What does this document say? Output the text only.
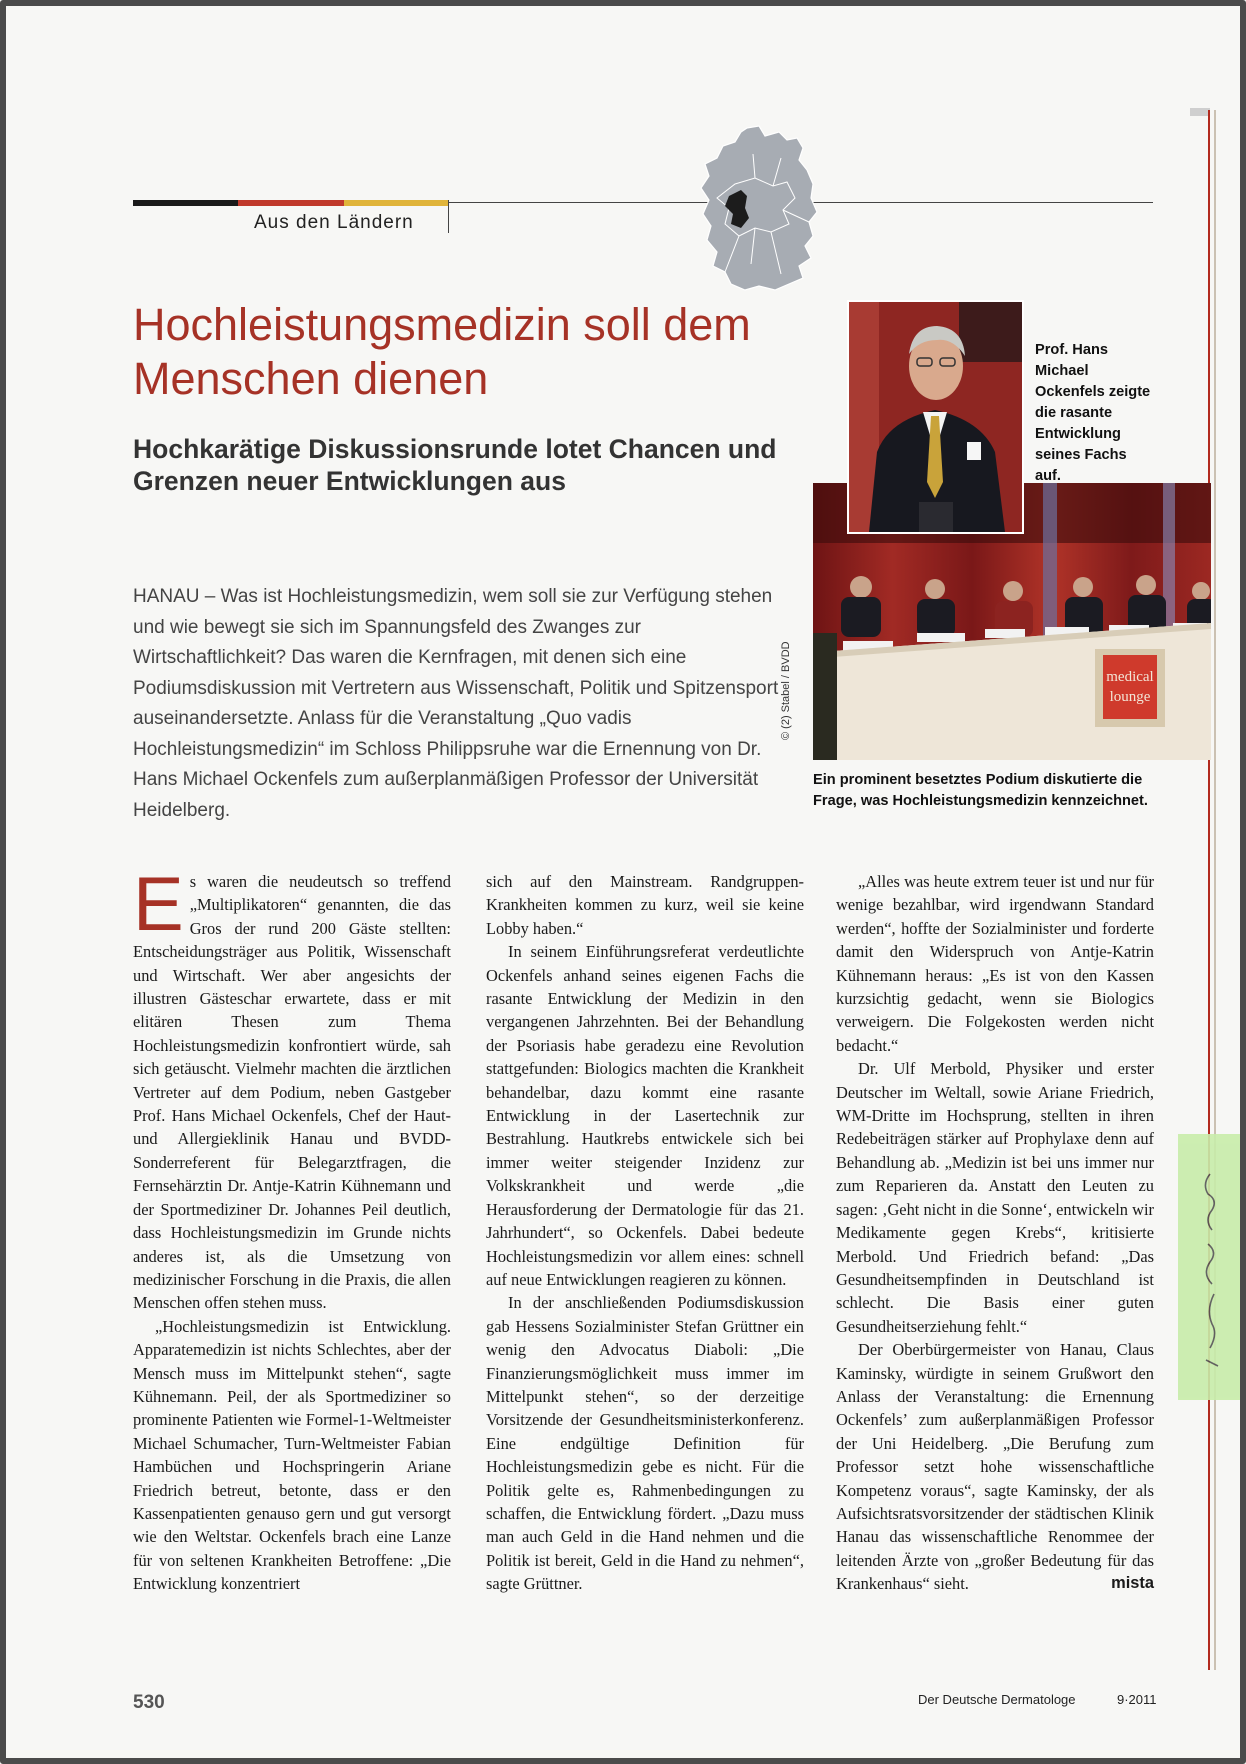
Aus den Ländern
Hochleistungsmedizin soll dem Menschen dienen
Hochkarätige Diskussionsrunde lotet Chancen und Grenzen neuer Entwicklungen aus

HANAU – Was ist Hochleistungsmedizin, wem soll sie zur Verfügung stehen und wie bewegt sie sich im Spannungsfeld des Zwanges zur Wirtschaftlichkeit? Das waren die Kernfragen, mit denen sich eine Podiumsdiskussion mit Vertretern aus Wissenschaft, Politik und Spitzensport auseinandersetzte. Anlass für die Veranstaltung „Quo vadis Hochleistungsmedizin“ im Schloss Philippsruhe war die Ernennung von Dr. Hans Michael Ockenfels zum außerplanmäßigen Professor der Universität Heidelberg.

medical
lounge
Prof. Hans Michael Ockenfels zeigte die rasante Entwicklung seines Fachs auf.
© (2) Stabel / BVDD
Ein prominent besetztes Podium diskutierte die Frage, was Hochleistungsmedizin kennzeichnet.
E s waren die neudeutsch so treffend „Multiplikatoren“ genannten, die das Gros der rund 200 Gäste stellten: Entscheidungsträger aus Politik, Wissenschaft und Wirtschaft. Wer aber angesichts der illustren Gästeschar erwartete, dass er mit elitären Thesen zum Thema Hochleistungsmedizin konfrontiert würde, sah sich getäuscht. Vielmehr machten die ärztlichen Vertreter auf dem Podium, neben Gastgeber Prof. Hans Michael Ockenfels, Chef der Haut- und Allergieklinik Hanau und BVDD-Sonderreferent für Belegarztfragen, die Fernsehärztin Dr. Antje-Katrin Kühnemann und der Sportmediziner Dr. Johannes Peil deutlich, dass Hochleistungsmedizin im Grunde nichts anderes ist, als die Umsetzung von medizinischer Forschung in die Praxis, die allen Menschen offen stehen muss.

„Hochleistungsmedizin ist Entwicklung. Apparatemedizin ist nichts Schlechtes, aber der Mensch muss im Mittelpunkt stehen“, sagte Kühnemann. Peil, der als Sportmediziner so prominente Patienten wie Formel-1-Weltmeister Michael Schumacher, Turn-Weltmeister Fabian Hambüchen und Hochspringerin Ariane Friedrich betreut, betonte, dass er den Kassenpatienten genauso gern und gut versorgt wie den Weltstar. Ockenfels brach eine Lanze für von seltenen Krankheiten Betroffene: „Die Entwicklung konzentriert

sich auf den Mainstream. Randgruppen-Krankheiten kommen zu kurz, weil sie keine Lobby haben.“

In seinem Einführungsreferat verdeutlichte Ockenfels anhand seines eigenen Fachs die rasante Entwicklung der Medizin in den vergangenen Jahrzehnten. Bei der Behandlung der Psoriasis habe geradezu eine Revolution stattgefunden: Biologics machten die Krankheit behandelbar, dazu kommt eine rasante Entwicklung in der Lasertechnik zur Bestrahlung. Hautkrebs entwickele sich bei immer weiter steigender Inzidenz zur Volkskrankheit und werde „die Herausforderung der Dermatologie für das 21. Jahrhundert“, so Ockenfels. Dabei bedeute Hochleistungsmedizin vor allem eines: schnell auf neue Entwicklungen reagieren zu können.

In der anschließenden Podiumsdiskussion gab Hessens Sozialminister Stefan Grüttner ein wenig den Advocatus Diaboli: „Die Finanzierungsmöglichkeit muss immer im Mittelpunkt stehen“, so der derzeitige Vorsitzende der Gesundheitsministerkonferenz. Eine endgültige Definition für Hochleistungsmedizin gebe es nicht. Für die Politik gelte es, Rahmenbedingungen zu schaffen, die Entwicklung fördert. „Dazu muss man auch Geld in die Hand nehmen und die Politik ist bereit, Geld in die Hand zu nehmen“, sagte Grüttner.

„Alles was heute extrem teuer ist und nur für wenige bezahlbar, wird irgendwann Standard werden“, hoffte der Sozialminister und forderte damit den Widerspruch von Antje-Katrin Kühnemann heraus: „Es ist von den Kassen kurzsichtig gedacht, wenn sie Biologics verweigern. Die Folgekosten werden nicht bedacht.“

Dr. Ulf Merbold, Physiker und erster Deutscher im Weltall, sowie Ariane Friedrich, WM-Dritte im Hochsprung, stellten in ihren Redebeiträgen stärker auf Prophylaxe denn auf Behandlung ab. „Medizin ist bei uns immer nur zum Reparieren da. Anstatt den Leuten zu sagen: ‚Geht nicht in die Sonne‘, entwickeln wir Medikamente gegen Krebs“, kritisierte Merbold. Und Friedrich befand: „Das Gesundheitsempfinden in Deutschland ist schlecht. Die Basis einer guten Gesundheitserziehung fehlt.“

Der Oberbürgermeister von Hanau, Claus Kaminsky, würdigte in seinem Grußwort den Anlass der Veranstaltung: die Ernennung Ockenfels’ zum außerplanmäßigen Professor der Uni Heidelberg. „Die Berufung zum Professor setzt hohe wissenschaftliche Kompetenz voraus“, sagte Kaminsky, der als Aufsichtsratsvorsitzender der städtischen Klinik Hanau das wissenschaftliche Renommee der leitenden Ärzte von „großer Bedeutung für das Krankenhaus“ sieht.	mista

530	Der Deutsche Dermatologe	9·2011
